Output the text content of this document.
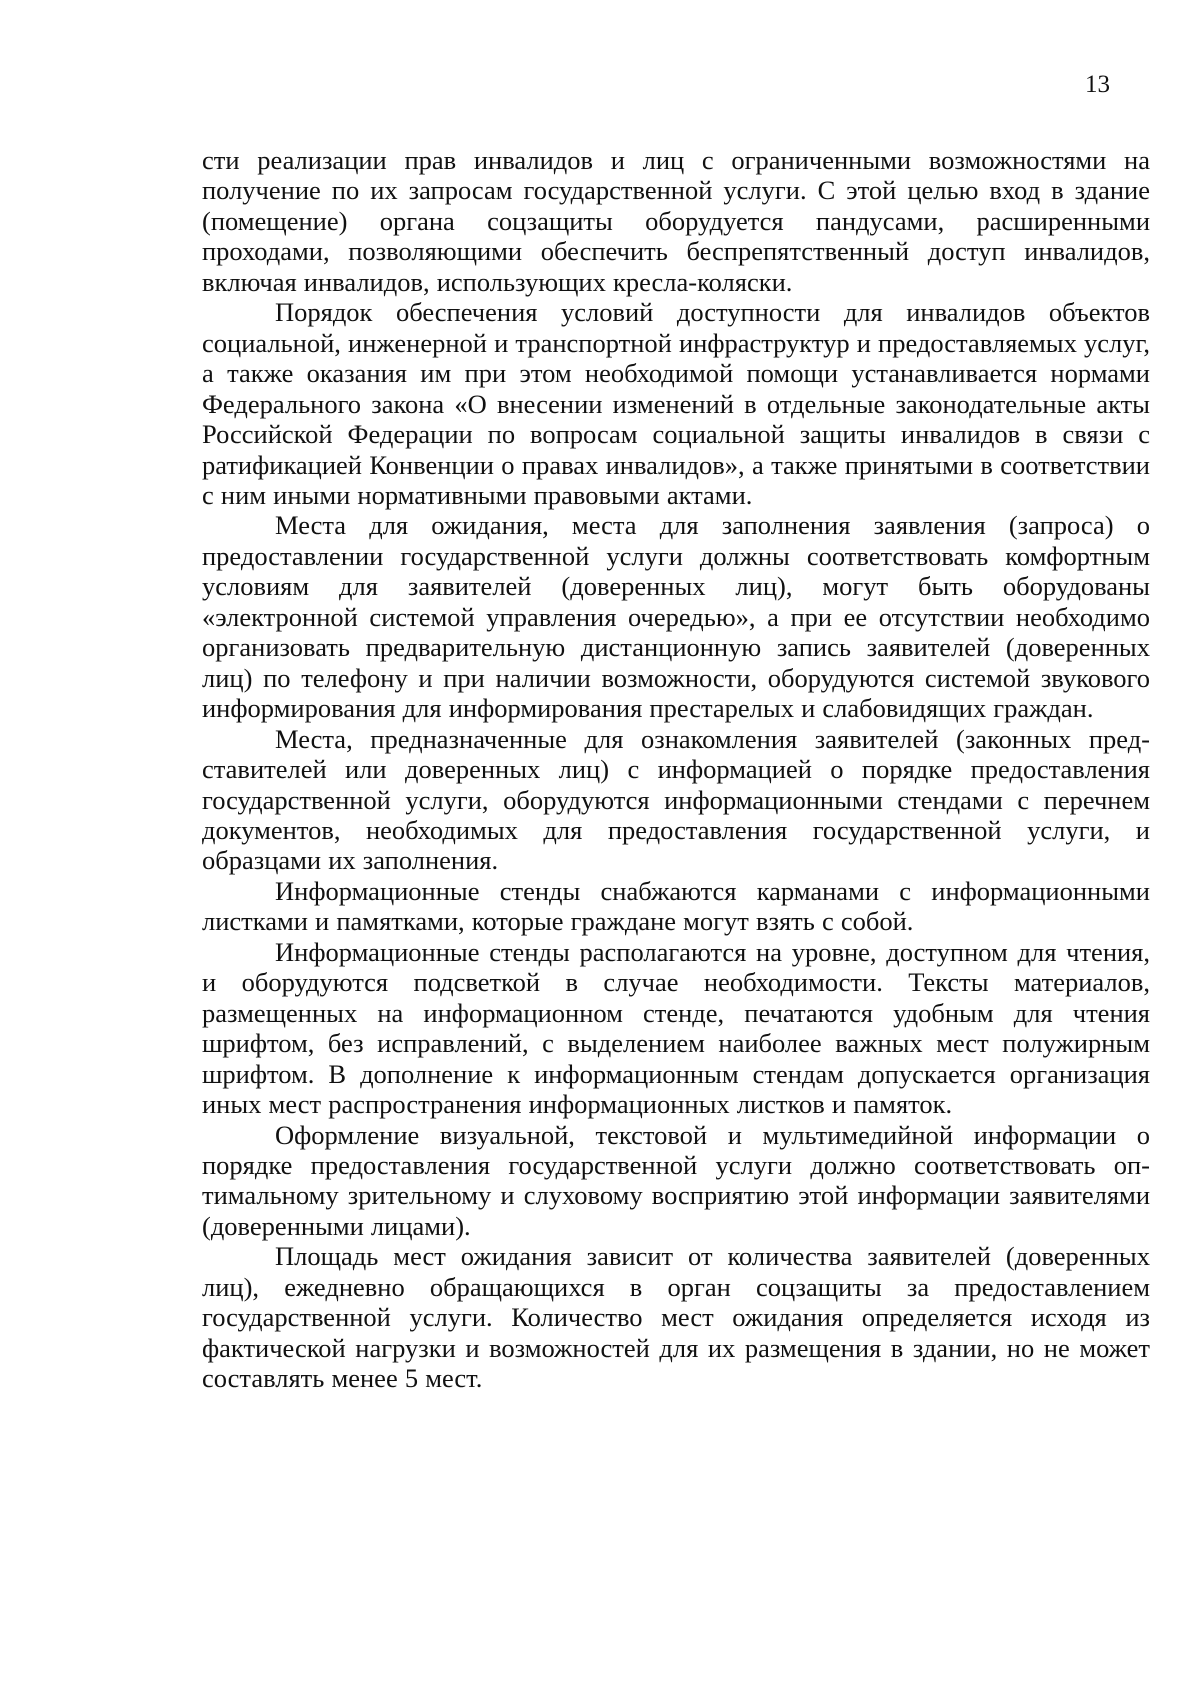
13

сти реализации прав инвалидов и лиц с ограниченными возможностями на получение по их запросам государственной услуги. С этой целью вход в здание (помещение) органа соцзащиты оборудуется пандусами, расширенными проходами, позволяющими обеспечить беспрепятственный доступ инвалидов, включая инвалидов, использующих кресла-коляски.

Порядок обеспечения условий доступности для инвалидов объектов социальной, инженерной и транспортной инфраструктур и предоставляемых услуг, а также оказания им при этом необходимой помощи устанавливается нормами Федерального закона «О внесении изменений в отдельные законодательные акты Российской Федерации по вопросам социальной защиты инвалидов в связи с ратификацией Конвенции о правах инвалидов», а также принятыми в соответствии с ним иными нормативными правовыми актами.

Места для ожидания, места для заполнения заявления (запроса) о предоставлении государственной услуги должны соответствовать комфортным условиям для заявителей (доверенных лиц), могут быть оборудованы «электронной системой управления очередью», а при ее отсутствии необходимо организовать предварительную дистанционную запись заявителей (доверенных лиц) по телефону и при наличии возможности, оборудуются системой звукового информирования для информирования престарелых и слабовидящих граждан.

Места, предназначенные для ознакомления заявителей (законных представителей или доверенных лиц) с информацией о порядке предоставления государственной услуги, оборудуются информационными стендами с перечнем документов, необходимых для предоставления государственной услуги, и образцами их заполнения.

Информационные стенды снабжаются карманами с информационными листками и памятками, которые граждане могут взять с собой.

Информационные стенды располагаются на уровне, доступном для чтения, и оборудуются подсветкой в случае необходимости. Тексты материалов, размещенных на информационном стенде, печатаются удобным для чтения шрифтом, без исправлений, с выделением наиболее важных мест полужирным шрифтом. В дополнение к информационным стендам допускается организация иных мест распространения информационных листков и памяток.

Оформление визуальной, текстовой и мультимедийной информации о порядке предоставления государственной услуги должно соответствовать оптимальному зрительному и слуховому восприятию этой информации заявителями (доверенными лицами).

Площадь мест ожидания зависит от количества заявителей (доверенных лиц), ежедневно обращающихся в орган соцзащиты за предоставлением государственной услуги. Количество мест ожидания определяется исходя из фактической нагрузки и возможностей для их размещения в здании, но не может составлять менее 5 мест.
